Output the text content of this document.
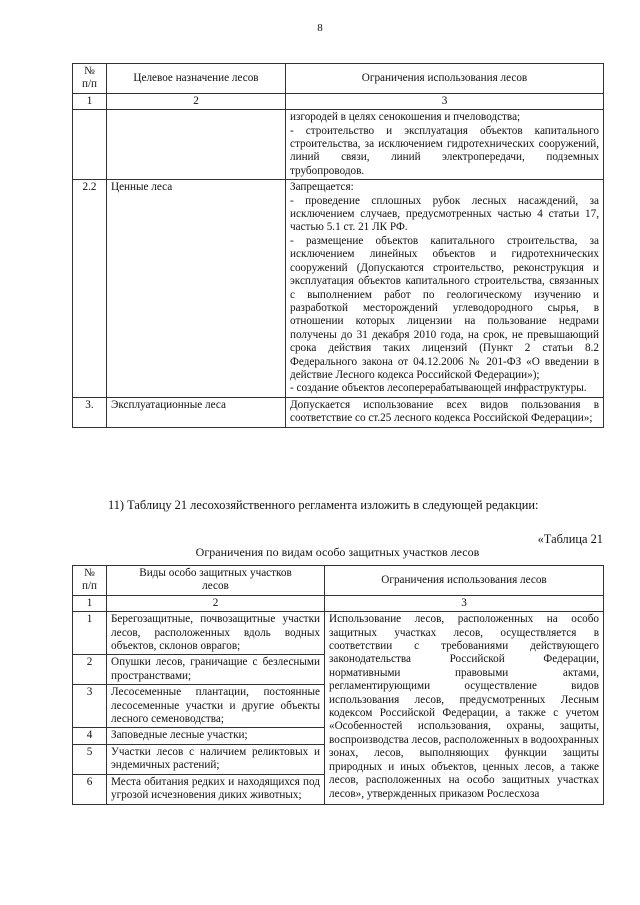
8
№
п/п	Целевое назначение лесов	Ограничения использования лесов
1	2	3
		изгородей в целях сенокошения и пчеловодства;
- строительство и эксплуатация объектов капитального строительства, за исключением гидротехнических сооружений, линий связи, линий электропередачи, подземных трубопроводов.
2.2	Ценные леса	Запрещается:
- проведение сплошных рубок лесных насаждений, за исключением случаев, предусмотренных частью 4 статьи 17, частью 5.1 ст. 21 ЛК РФ.
- размещение объектов капитального строительства, за исключением линейных объектов и гидротехнических сооружений (Допускаются строительство, реконструкция и эксплуатация объектов капитального строительства, связанных с выполнением работ по геологическому изучению и разработкой месторождений углеводородного сырья, в отношении которых лицензии на пользование недрами получены до 31 декабря 2010 года, на срок, не превышающий срока действия таких лицензий (Пункт 2 статьи 8.2 Федерального закона от 04.12.2006 № 201-ФЗ «О введении в действие Лесного кодекса Российской Федерации»);
- создание объектов лесоперерабатывающей инфраструктуры.
3.	Эксплуатационные леса	Допускается использование всех видов пользования в соответствие со ст.25 лесного кодекса Российской Федерации»;
11) Таблицу 21 лесохозяйственного регламента изложить в следующей редакции:
«Таблица 21
Ограничения по видам особо защитных участков лесов
№
п/п	Виды особо защитных участков
лесов	Ограничения использования лесов
1	2	3
1	Берегозащитные, почвозащитные участки лесов, расположенных вдоль водных объектов, склонов оврагов;	Использование лесов, расположенных на особо защитных участках лесов, осуществляется в соответствии с требованиями действующего законодательства Российской Федерации, нормативными правовыми актами, регламентирующими осуществление видов использования лесов, предусмотренных Лесным кодексом Российской Федерации, а также с учетом «Особенностей использования, охраны, защиты, воспроизводства лесов, расположенных в водоохранных зонах, лесов, выполняющих функции защиты природных и иных объектов, ценных лесов, а также лесов, расположенных на особо защитных участках лесов», утвержденных приказом Рослесхоза
2	Опушки лесов, граничащие с безлесными пространствами;	
3	Лесосеменные плантации, постоянные лесосеменные участки и другие объекты лесного семеноводства;	
4	Заповедные лесные участки;	
5	Участки лесов с наличием реликтовых и эндемичных растений;	
6	Места обитания редких и находящихся под угрозой исчезновения диких животных;	
